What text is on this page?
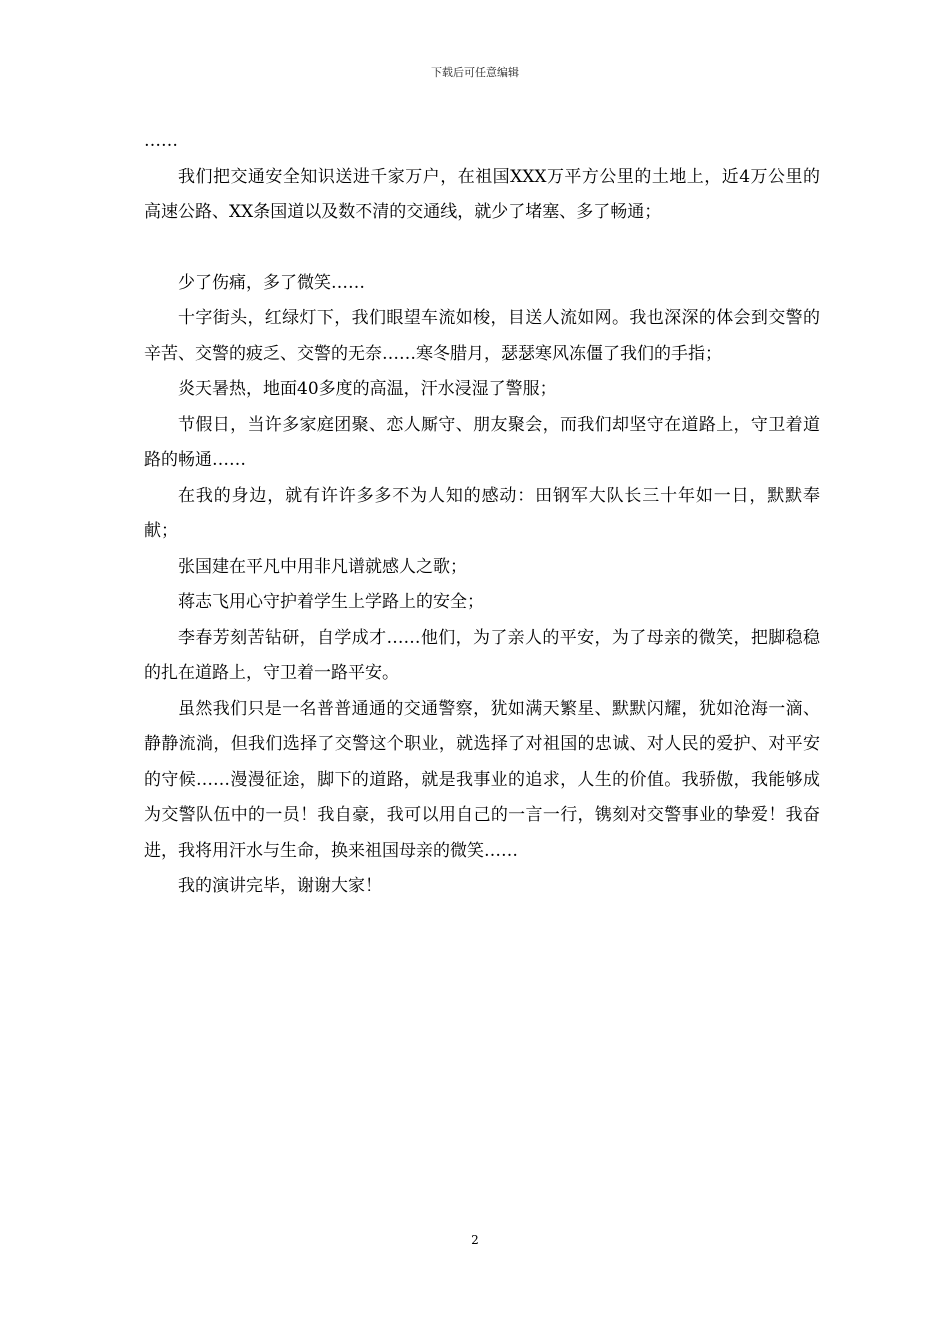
下载后可任意编辑

……

我们把交通安全知识送进千家万户，在祖国XXX万平方公里的土地上，近4万公里的高速公路、XX条国道以及数不清的交通线，就少了堵塞、多了畅通；

少了伤痛，多了微笑……

十字街头，红绿灯下，我们眼望车流如梭，目送人流如网。我也深深的体会到交警的辛苦、交警的疲乏、交警的无奈……寒冬腊月，瑟瑟寒风冻僵了我们的手指；

炎天暑热，地面40多度的高温，汗水浸湿了警服；

节假日，当许多家庭团聚、恋人厮守、朋友聚会，而我们却坚守在道路上，守卫着道路的畅通……

在我的身边，就有许许多多不为人知的感动：田钢军大队长三十年如一日，默默奉献；

张国建在平凡中用非凡谱就感人之歌；

蒋志飞用心守护着学生上学路上的安全；

李春芳刻苦钻研，自学成才……他们，为了亲人的平安，为了母亲的微笑，把脚稳稳的扎在道路上，守卫着一路平安。

虽然我们只是一名普普通通的交通警察，犹如满天繁星、默默闪耀，犹如沧海一滴、静静流淌，但我们选择了交警这个职业，就选择了对祖国的忠诚、对人民的爱护、对平安的守候……漫漫征途，脚下的道路，就是我事业的追求，人生的价值。我骄傲，我能够成为交警队伍中的一员！我自豪，我可以用自己的一言一行，镌刻对交警事业的挚爱！我奋进，我将用汗水与生命，换来祖国母亲的微笑……

我的演讲完毕，谢谢大家！

2
